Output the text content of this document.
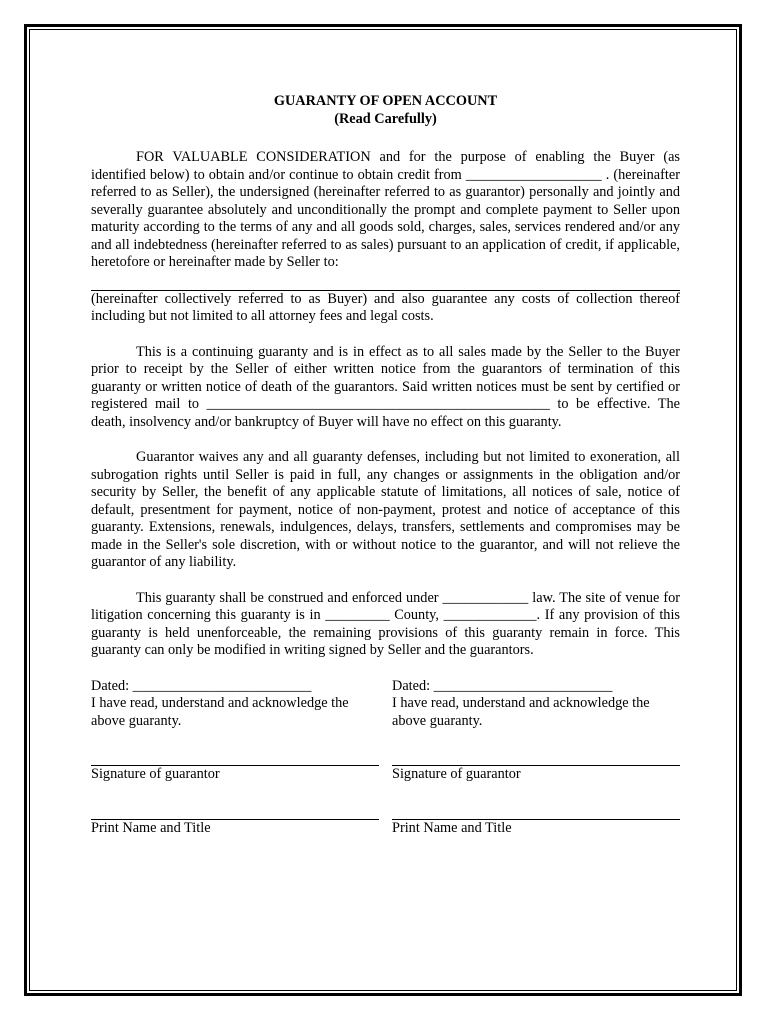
GUARANTY OF OPEN ACCOUNT

(Read Carefully)

FOR VALUABLE CONSIDERATION and for the purpose of enabling the Buyer (as identified below) to obtain and/or continue to obtain credit from ___________________ . (hereinafter referred to as Seller), the undersigned (hereinafter referred to as guarantor) personally and jointly and severally guarantee absolutely and unconditionally the prompt and complete payment to Seller upon maturity according to the terms of any and all goods sold, charges, sales, services rendered and/or any and all indebtedness (hereinafter referred to as sales) pursuant to an application of credit, if applicable, heretofore or hereinafter made by Seller to:

(hereinafter collectively referred to as Buyer) and also guarantee any costs of collection thereof including but not limited to all attorney fees and legal costs.

This is a continuing guaranty and is in effect as to all sales made by the Seller to the Buyer prior to receipt by the Seller of either written notice from the guarantors of termination of this guaranty or written notice of death of the guarantors. Said written notices must be sent by certified or registered mail to ________________________________________________ to be effective. The death, insolvency and/or bankruptcy of Buyer will have no effect on this guaranty.

Guarantor waives any and all guaranty defenses, including but not limited to exoneration, all subrogation rights until Seller is paid in full, any changes or assignments in the obligation and/or security by Seller, the benefit of any applicable statute of limitations, all notices of sale, notice of default, presentment for payment, notice of non-payment, protest and notice of acceptance of this guaranty. Extensions, renewals, indulgences, delays, transfers, settlements and compromises may be made in the Seller's sole discretion, with or without notice to the guarantor, and will not relieve the guarantor of any liability.

This guaranty shall be construed and enforced under ____________ law. The site of venue for litigation concerning this guaranty is in _________ County, _____________. If any provision of this guaranty is held unenforceable, the remaining provisions of this guaranty remain in force. This guaranty can only be modified in writing signed by Seller and the guarantors.

Dated: _________________________

I have read, understand and acknowledge the above guaranty.

Signature of guarantor

Print Name and Title

Dated: _________________________

I have read, understand and acknowledge the above guaranty.

Signature of guarantor

Print Name and Title
